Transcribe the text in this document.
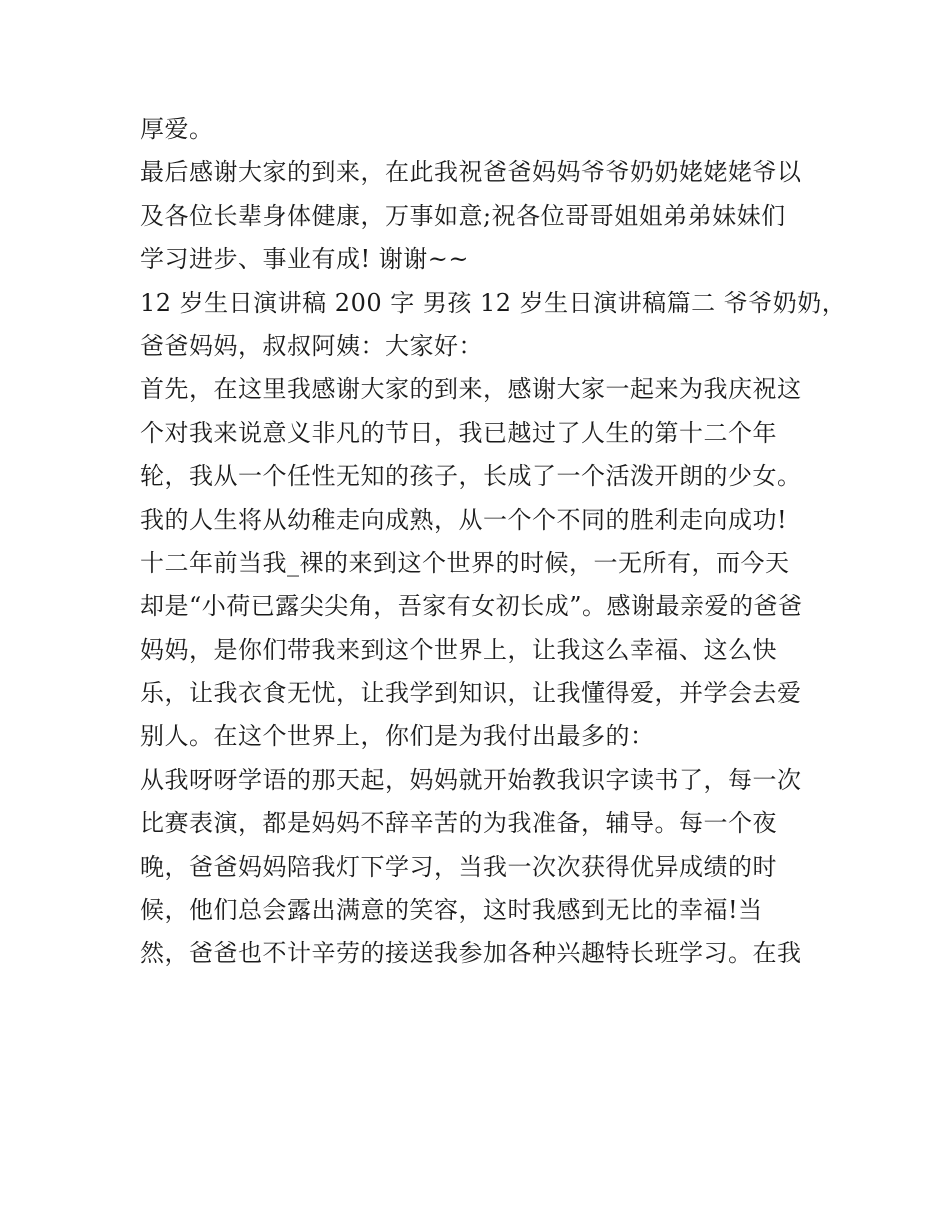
厚爱。
最后感谢大家的到来，在此我祝爸爸妈妈爷爷奶奶姥姥姥爷以
及各位长辈身体健康，万事如意;祝各位哥哥姐姐弟弟妹妹们
学习进步、事业有成! 谢谢~~
12 岁生日演讲稿 200 字 男孩 12 岁生日演讲稿篇二 爷爷奶奶，
爸爸妈妈，叔叔阿姨：大家好：
首先，在这里我感谢大家的到来，感谢大家一起来为我庆祝这
个对我来说意义非凡的节日，我已越过了人生的第十二个年
轮，我从一个任性无知的孩子，长成了一个活泼开朗的少女。
我的人生将从幼稚走向成熟，从一个个不同的胜利走向成功!
十二年前当我_裸的来到这个世界的时候，一无所有，而今天
却是“小荷已露尖尖角，吾家有女初长成”。感谢最亲爱的爸爸
妈妈，是你们带我来到这个世界上，让我这么幸福、这么快
乐，让我衣食无忧，让我学到知识，让我懂得爱，并学会去爱
别人。在这个世界上，你们是为我付出最多的：
从我呀呀学语的那天起，妈妈就开始教我识字读书了，每一次
比赛表演，都是妈妈不辞辛苦的为我准备，辅导。每一个夜
晚，爸爸妈妈陪我灯下学习，当我一次次获得优异成绩的时
候，他们总会露出满意的笑容，这时我感到无比的幸福!当
然，爸爸也不计辛劳的接送我参加各种兴趣特长班学习。在我
